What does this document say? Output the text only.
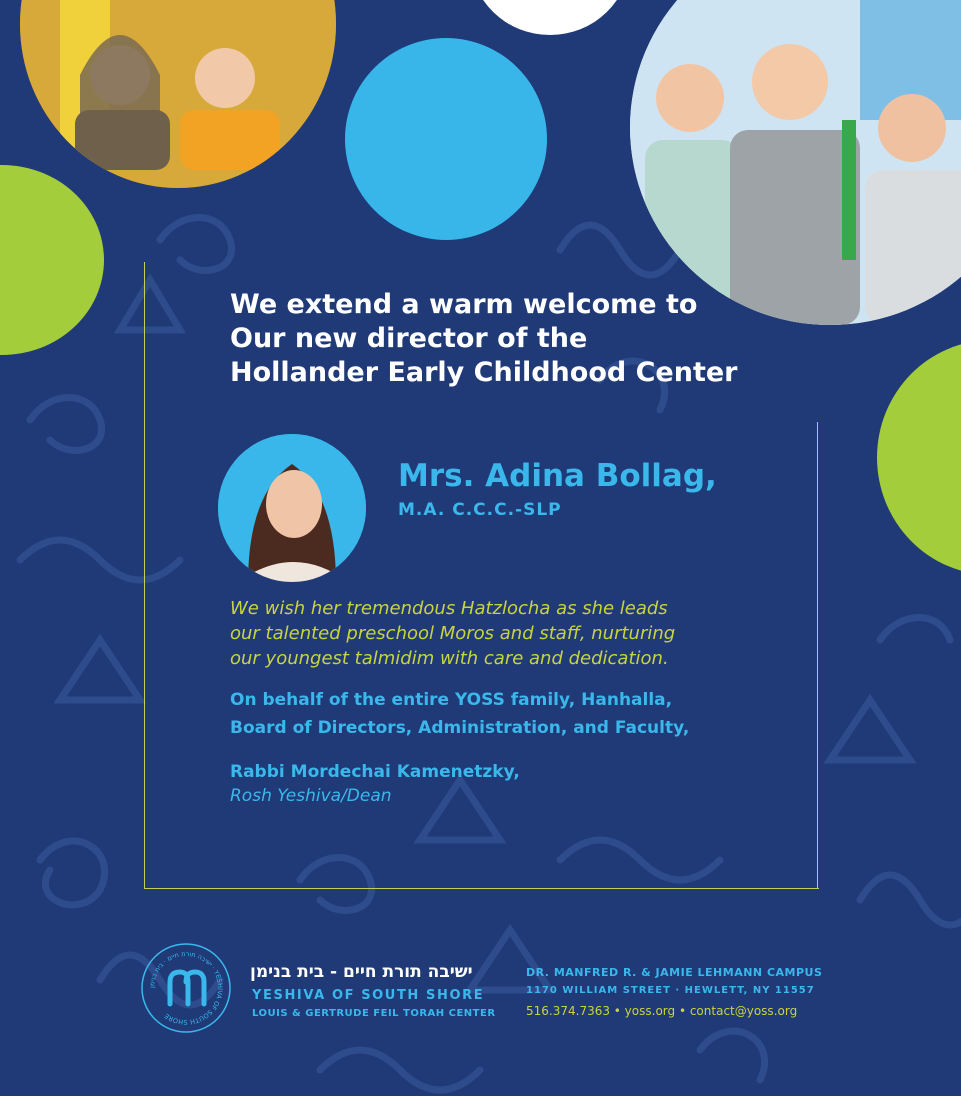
We extend a warm welcome to
Our new director of the
Hollander Early Childhood Center
Mrs. Adina Bollag,
M.A. C.C.C.-SLP
We wish her tremendous Hatzlocha as she leads
our talented preschool Moros and staff, nurturing
our youngest talmidim with care and dedication.
On behalf of the entire YOSS family, Hanhalla,
Board of Directors, Administration, and Faculty,
Rabbi Mordechai Kamenetzky,
Rosh Yeshiva/Dean
ישיבה תורת חיים · בית בנימן · YESHIVA OF SOUTH SHORE
ישיבה תורת חיים - בית בנימן
YESHIVA OF SOUTH SHORE
LOUIS & GERTRUDE FEIL TORAH CENTER
DR. MANFRED R. & JAMIE LEHMANN CAMPUS
1170 WILLIAM STREET · HEWLETT, NY 11557
516.374.7363 • yoss.org • contact@yoss.org
